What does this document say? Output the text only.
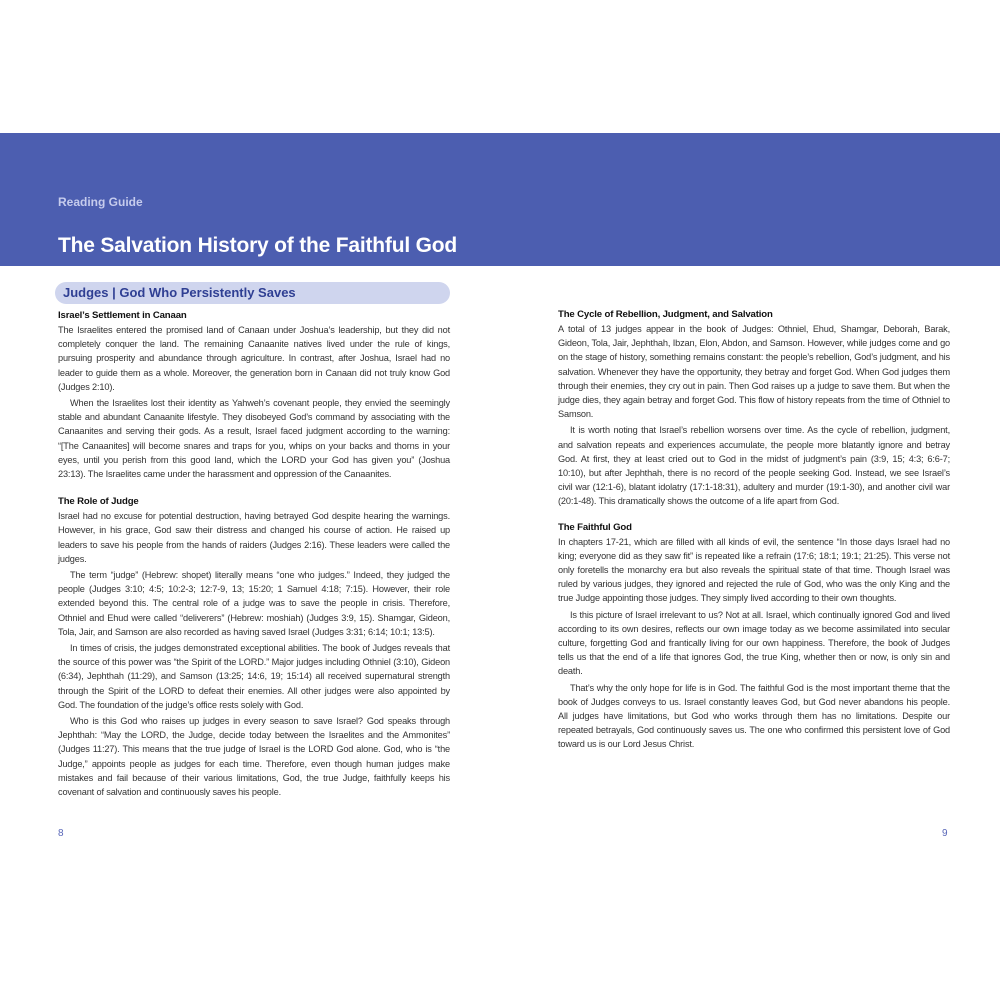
Reading Guide
The Salvation History of the Faithful God
Judges | God Who Persistently Saves
Israel’s Settlement in Canaan

The Israelites entered the promised land of Canaan under Joshua’s leadership, but they did not completely conquer the land. The remaining Canaanite natives lived under the rule of kings, pursuing prosperity and abundance through agriculture. In contrast, after Joshua, Israel had no leader to guide them as a whole. Moreover, the generation born in Canaan did not truly know God (Judges 2:10).

When the Israelites lost their identity as Yahweh’s covenant people, they envied the seemingly stable and abundant Canaanite lifestyle. They disobeyed God’s command by associating with the Canaanites and serving their gods. As a result, Israel faced judgment according to the warning: “[The Canaanites] will become snares and traps for you, whips on your backs and thorns in your eyes, until you perish from this good land, which the LORD your God has given you” (Joshua 23:13). The Israelites came under the harassment and oppression of the Canaanites.

The Role of Judge

Israel had no excuse for potential destruction, having betrayed God despite hearing the warnings. However, in his grace, God saw their distress and changed his course of action. He raised up leaders to save his people from the hands of raiders (Judges 2:16). These leaders were called the judges.

The term “judge” (Hebrew: shopet) literally means “one who judges.” Indeed, they judged the people (Judges 3:10; 4:5; 10:2-3; 12:7-9, 13; 15:20; 1 Samuel 4:18; 7:15). However, their role extended beyond this. The central role of a judge was to save the people in crisis. Therefore, Othniel and Ehud were called “deliverers” (Hebrew: moshiah) (Judges 3:9, 15). Shamgar, Gideon, Tola, Jair, and Samson are also recorded as having saved Israel (Judges 3:31; 6:14; 10:1; 13:5).

In times of crisis, the judges demonstrated exceptional abilities. The book of Judges reveals that the source of this power was “the Spirit of the LORD.” Major judges including Othniel (3:10), Gideon (6:34), Jephthah (11:29), and Samson (13:25; 14:6, 19; 15:14) all received supernatural strength through the Spirit of the LORD to defeat their enemies. All other judges were also appointed by God. The foundation of the judge’s office rests solely with God.

Who is this God who raises up judges in every season to save Israel? God speaks through Jephthah: “May the LORD, the Judge, decide today between the Israelites and the Ammonites” (Judges 11:27). This means that the true judge of Israel is the LORD God alone. God, who is “the Judge,” appoints people as judges for each time. Therefore, even though human judges make mistakes and fail because of their various limitations, God, the true Judge, faithfully keeps his covenant of salvation and continuously saves his people.

The Cycle of Rebellion, Judgment, and Salvation

A total of 13 judges appear in the book of Judges: Othniel, Ehud, Shamgar, Deborah, Barak, Gideon, Tola, Jair, Jephthah, Ibzan, Elon, Abdon, and Samson. However, while judges come and go on the stage of history, something remains constant: the people’s rebellion, God’s judgment, and his salvation. Whenever they have the opportunity, they betray and forget God. When God judges them through their enemies, they cry out in pain. Then God raises up a judge to save them. But when the judge dies, they again betray and forget God. This flow of history repeats from the time of Othniel to Samson.

It is worth noting that Israel’s rebellion worsens over time. As the cycle of rebellion, judgment, and salvation repeats and experiences accumulate, the people more blatantly ignore and betray God. At first, they at least cried out to God in the midst of judgment’s pain (3:9, 15; 4:3; 6:6-7; 10:10), but after Jephthah, there is no record of the people seeking God. Instead, we see Israel’s civil war (12:1-6), blatant idolatry (17:1-18:31), adultery and murder (19:1-30), and another civil war (20:1-48). This dramatically shows the outcome of a life apart from God.

The Faithful God

In chapters 17-21, which are filled with all kinds of evil, the sentence “In those days Israel had no king; everyone did as they saw fit” is repeated like a refrain (17:6; 18:1; 19:1; 21:25). This verse not only foretells the monarchy era but also reveals the spiritual state of that time. Though Israel was ruled by various judges, they ignored and rejected the rule of God, who was the only King and the true Judge appointing those judges. They simply lived according to their own thoughts.

Is this picture of Israel irrelevant to us? Not at all. Israel, which continually ignored God and lived according to its own desires, reflects our own image today as we become assimilated into secular culture, forgetting God and frantically living for our own happiness. Therefore, the book of Judges tells us that the end of a life that ignores God, the true King, whether then or now, is only sin and death.

That’s why the only hope for life is in God. The faithful God is the most important theme that the book of Judges conveys to us. Israel constantly leaves God, but God never abandons his people. All judges have limitations, but God who works through them has no limitations. Despite our repeated betrayals, God continuously saves us. The one who confirmed this persistent love of God toward us is our Lord Jesus Christ.

8	9
